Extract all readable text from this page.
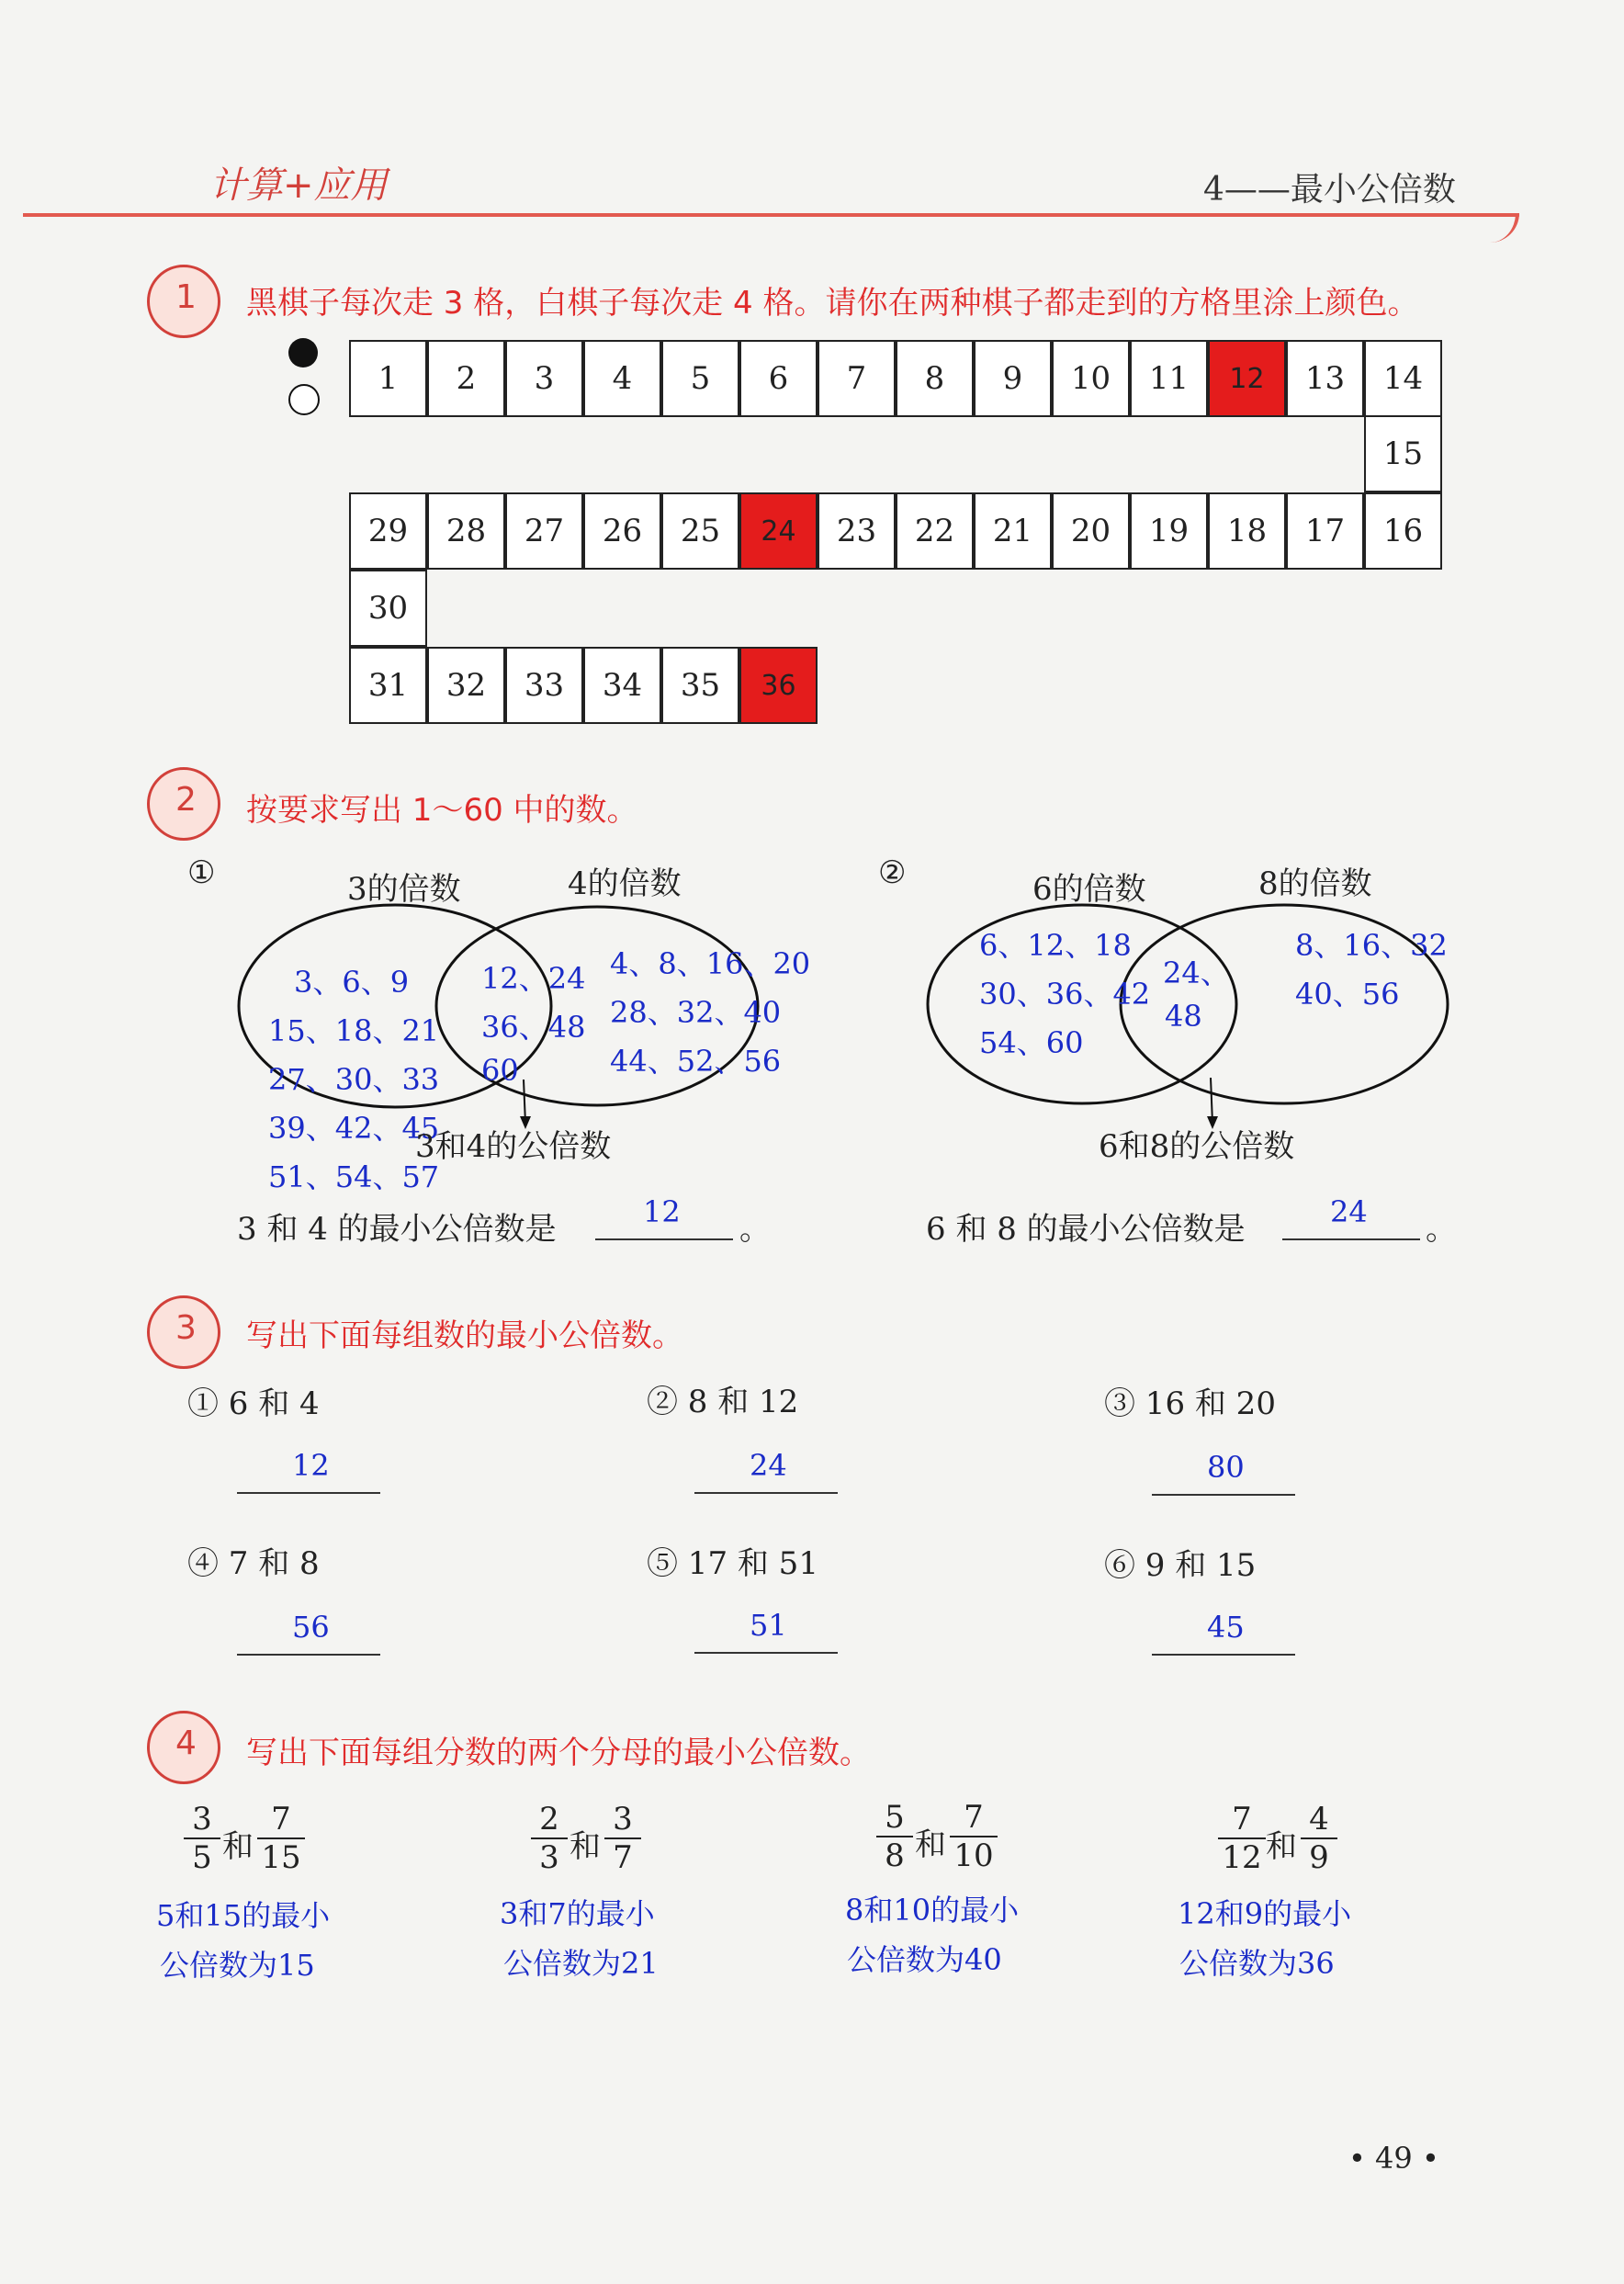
计算+应用	4——最小公倍数
1 黑棋子每次走 3 格，白棋子每次走 4 格。请你在两种棋子都走到的方格里涂上颜色。
1	2	3	4	5	6	7	8	9	10	11	12	13	14
15
29	28	27	26	25	24	23	22	21	20	19	18	17	16
30
31	32	33	34	35	36
2 按要求写出 1～60 中的数。
①	3的倍数	4的倍数
3、6、9
15、18、21
27、30、33
39、42、45
51、54、57
12、24
36、48
60
4、8、16、20
28、32、40
44、52、56
3和4的公倍数
3 和 4 的最小公倍数是	12 。
②	6的倍数	8的倍数
6、12、18
30、36、42
54、60
24、
48
8、16、32
40、56
6和8的公倍数
6 和 8 的最小公倍数是	24 。
3 写出下面每组数的最小公倍数。
① 6 和 4	② 8 和 12	③ 16 和 20
12	24	80
④ 7 和 8	⑤ 17 和 51	⑥ 9 和 15
56	51	45
4 写出下面每组分数的两个分母的最小公倍数。
3
5 和
7
15
5和15的最小
公倍数为15
2
3 和
3
7
3和7的最小
公倍数为21
5
8 和
7
10
8和10的最小
公倍数为40
7
12 和
4
9
12和9的最小
公倍数为36
• 49 •
